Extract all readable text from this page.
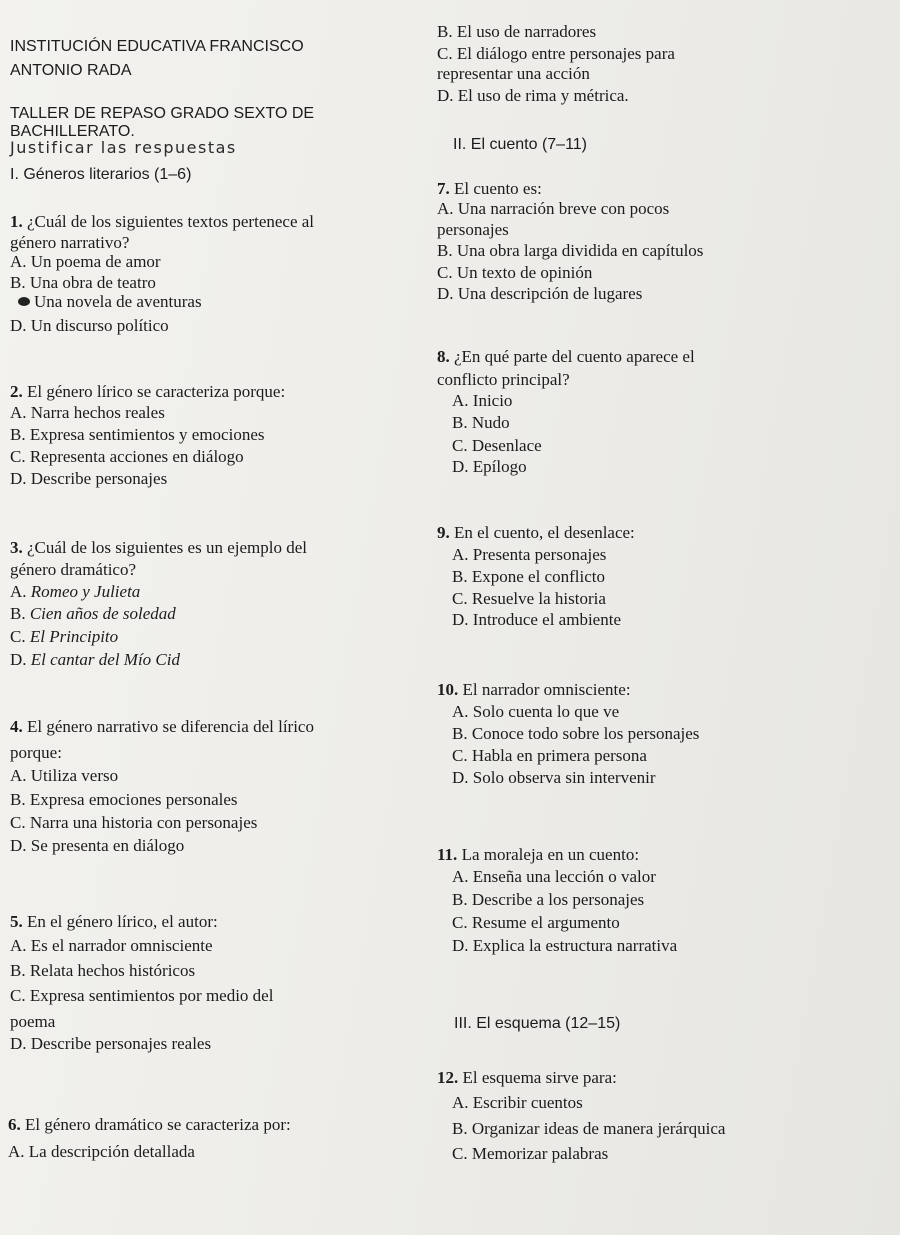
INSTITUCIÓN EDUCATIVA FRANCISCO
ANTONIO RADA
TALLER DE REPASO GRADO SEXTO DE
BACHILLERATO.
Justificar las respuestas
I. Géneros literarios (1–6)
1. ¿Cuál de los siguientes textos pertenece al
género narrativo?
A. Un poema de amor
B. Una obra de teatro
Una novela de aventuras
D. Un discurso político
2. El género lírico se caracteriza porque:
A. Narra hechos reales
B. Expresa sentimientos y emociones
C. Representa acciones en diálogo
D. Describe personajes
3. ¿Cuál de los siguientes es un ejemplo del
género dramático?
A. Romeo y Julieta
B. Cien años de soledad
C. El Principito
D. El cantar del Mío Cid
4. El género narrativo se diferencia del lírico
porque:
A. Utiliza verso
B. Expresa emociones personales
C. Narra una historia con personajes
D. Se presenta en diálogo
5. En el género lírico, el autor:
A. Es el narrador omnisciente
B. Relata hechos históricos
C. Expresa sentimientos por medio del
poema
D. Describe personajes reales
6. El género dramático se caracteriza por:
A. La descripción detallada
B. El uso de narradores
C. El diálogo entre personajes para
representar una acción
D. El uso de rima y métrica.
II. El cuento (7–11)
7. El cuento es:
A. Una narración breve con pocos
personajes
B. Una obra larga dividida en capítulos
C. Un texto de opinión
D. Una descripción de lugares
8. ¿En qué parte del cuento aparece el
conflicto principal?
A. Inicio
B. Nudo
C. Desenlace
D. Epílogo
9. En el cuento, el desenlace:
A. Presenta personajes
B. Expone el conflicto
C. Resuelve la historia
D. Introduce el ambiente
10. El narrador omnisciente:
A. Solo cuenta lo que ve
B. Conoce todo sobre los personajes
C. Habla en primera persona
D. Solo observa sin intervenir
11. La moraleja en un cuento:
A. Enseña una lección o valor
B. Describe a los personajes
C. Resume el argumento
D. Explica la estructura narrativa
III. El esquema (12–15)
12. El esquema sirve para:
A. Escribir cuentos
B. Organizar ideas de manera jerárquica
C. Memorizar palabras
